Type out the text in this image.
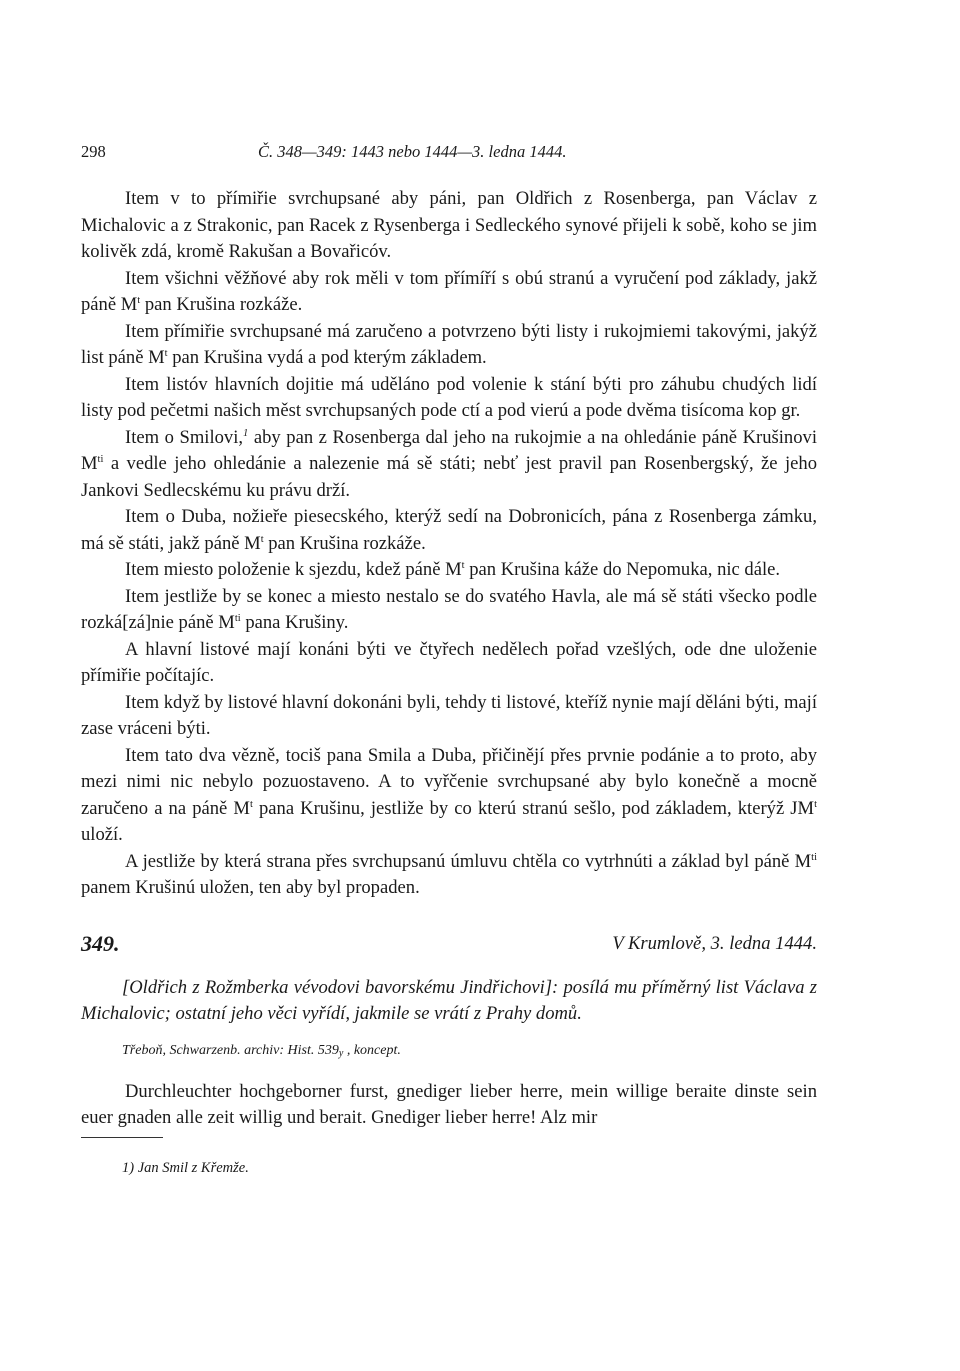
298	Č. 348—349: 1443 nebo 1444—3. ledna 1444.

Item v to přímiřie svrchupsané aby páni, pan Oldřich z Rosenberga, pan Václav z Michalovic a z Strakonic, pan Racek z Rysenberga i Sedleckého synové přijeli k sobě, koho se jim kolivěk zdá, kromě Rakušan a Bovařicóv.

Item všichni věžňové aby rok měli v tom přímíří s obú stranú a vyručení pod základy, jakž páně $M^t$ pan Krušina rozkáže.

Item přímiřie svrchupsané má zaručeno a potvrzeno býti listy i rukojmiemi takovými, jakýž list páně $M^t$ pan Krušina vydá a pod kterým základem.

Item listóv hlavních dojitie má uděláno pod volenie k stání býti pro záhubu chudých lidí listy pod pečetmi našich měst svrchupsaných pode ctí a pod vierú a pode dvěma tisícoma kop gr.

Item o Smilovi,$^1$ aby pan z Rosenberga dal jeho na rukojmie a na ohledánie páně Krušinovi $M^{ti}$ a vedle jeho ohledánie a nalezenie má sě státi; nebť jest pravil pan Rosenbergský, že jeho Jankovi Sedlecskému ku právu drží.

Item o Duba, nožieře piesecského, kterýž sedí na Dobronicích, pána z Rosenberga zámku, má sě státi, jakž páně $M^t$ pan Krušina rozkáže.

Item miesto položenie k sjezdu, kdež páně $M^t$ pan Krušina káže do Nepomuka, nic dále.

Item jestliže by se konec a miesto nestalo se do svatého Havla, ale má sě státi všecko podle rozká[zá]nie páně $M^{ti}$ pana Krušiny.

A hlavní listové mají konáni býti ve čtyřech nedělech pořad vzešlých, ode dne uloženie přímiřie počítajíc.

Item když by listové hlavní dokonáni byli, tehdy ti listové, kteříž nynie mají děláni býti, mají zase vráceni býti.

Item tato dva vězně, tociš pana Smila a Duba, přičinějí přes prvnie podánie a to proto, aby mezi nimi nic nebylo pozuostaveno. A to vyřčenie svrchupsané aby bylo konečně a mocně zaručeno a na páně $M^t$ pana Krušinu, jestliže by co kterú stranú sešlo, pod základem, kterýž $JM^t$ uloží.

A jestliže by která strana přes svrchupsanú úmluvu chtěla co vytrhnúti a základ byl páně $M^{ti}$ panem Krušinú uložen, ten aby byl propaden.

349.	V Krumlově, 3. ledna 1444.
[Oldřich z Rožmberka vévodovi bavorskému Jindřichovi]: posílá mu příměrný list Václava z Michalovic; ostatní jeho věci vyřídí, jakmile se vrátí z Prahy domů.
Třeboň, Schwarzenb. archiv: Hist. $539_y$ , koncept.
Durchleuchter hochgeborner furst, gnediger lieber herre, mein willige beraite dinste sein euer gnaden alle zeit willig und berait. Gnediger lieber herre! Alz mir
1) Jan Smil z Křemže.
